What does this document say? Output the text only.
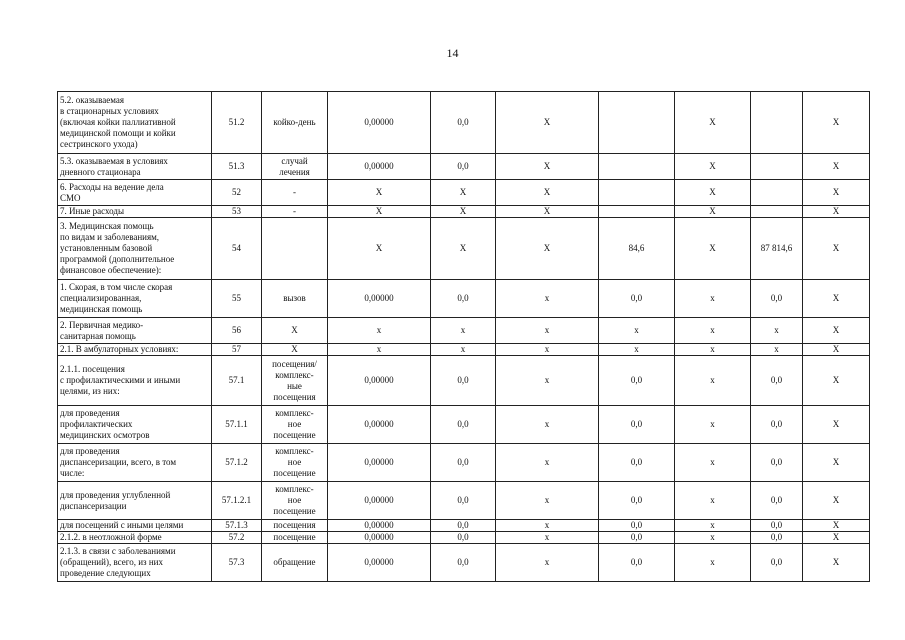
14
5.2. оказываемая
в стационарных условиях
(включая койки паллиативной
медицинской помощи и койки
сестринского ухода)	51.2	койко-день	0,00000	0,0	X		X		X
5.3. оказываемая в условиях
дневного стационара	51.3	случай
лечения	0,00000	0,0	X		X		X
6. Расходы на ведение дела
СМО	52	-	X	X	X		X		X
7. Иные расходы	53	-	X	X	X		X		X
3. Медицинская помощь
по видам и заболеваниям,
установленным базовой
программой (дополнительное
финансовое обеспечение):	54		X	X	X	84,6	X	87 814,6	X
1. Скорая, в том числе скорая
специализированная,
медицинская помощь	55	вызов	0,00000	0,0	x	0,0	x	0,0	X
2. Первичная медико-
санитарная помощь	56	X	x	x	x	x	x	x	X
2.1. В амбулаторных условиях:	57	X	x	x	x	x	x	x	X
2.1.1. посещения
с профилактическими и иными
целями, из них:	57.1	посещения/
комплекс-
ные
посещения	0,00000	0,0	x	0,0	x	0,0	X
для проведения
профилактических
медицинских осмотров	57.1.1	комплекс-
ное
посещение	0,00000	0,0	x	0,0	x	0,0	X
для проведения
диспансеризации, всего, в том
числе:	57.1.2	комплекс-
ное
посещение	0,00000	0,0	x	0,0	x	0,0	X
для проведения углубленной
диспансеризации	57.1.2.1	комплекс-
ное
посещение	0,00000	0,0	x	0,0	x	0,0	X
для посещений с иными целями	57.1.3	посещения	0,00000	0,0	x	0,0	x	0,0	X
2.1.2. в неотложной форме	57.2	посещение	0,00000	0,0	x	0,0	x	0,0	X
2.1.3. в связи с заболеваниями
(обращений), всего, из них
проведение следующих	57.3	обращение	0,00000	0,0	x	0,0	x	0,0	X
